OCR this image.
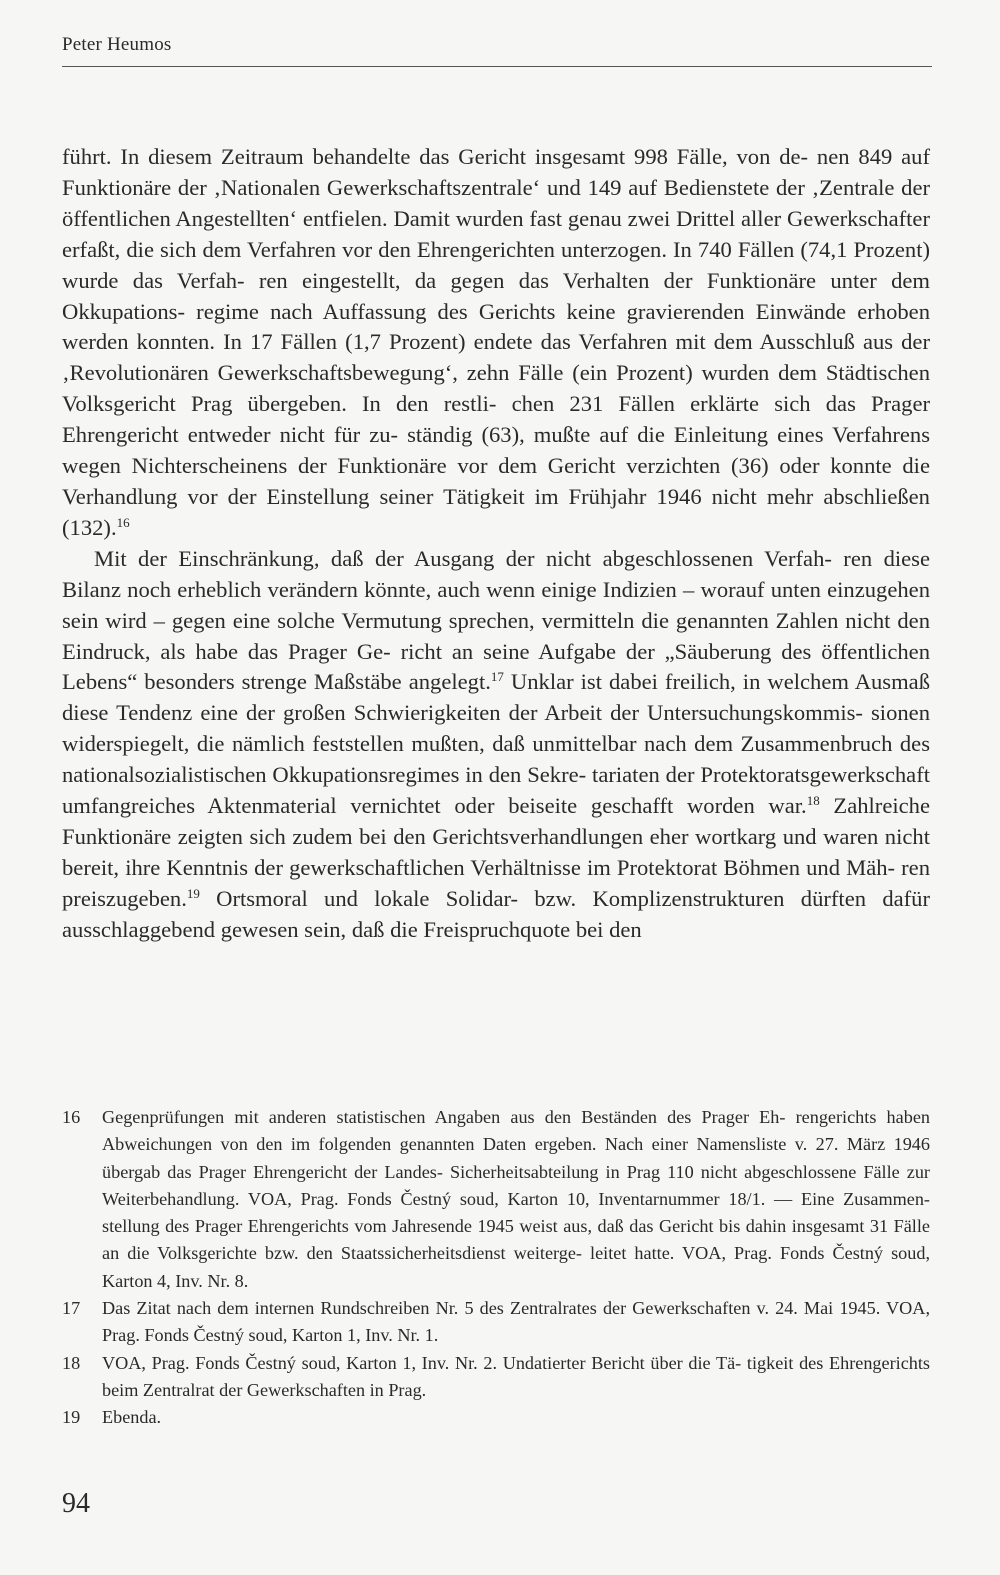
Peter Heumos

führt. In diesem Zeitraum behandelte das Gericht insgesamt 998 Fälle, von de- nen 849 auf Funktionäre der ‚Nationalen Gewerkschaftszentrale‘ und 149 auf Bedienstete der ‚Zentrale der öffentlichen Angestellten‘ entfielen. Damit wurden fast genau zwei Drittel aller Gewerkschafter erfaßt, die sich dem Verfahren vor den Ehrengerichten unterzogen. In 740 Fällen (74,1 Prozent) wurde das Verfah- ren eingestellt, da gegen das Verhalten der Funktionäre unter dem Okkupations- regime nach Auffassung des Gerichts keine gravierenden Einwände erhoben werden konnten. In 17 Fällen (1,7 Prozent) endete das Verfahren mit dem Ausschluß aus der ‚Revolutionären Gewerkschaftsbewegung‘, zehn Fälle (ein Prozent) wurden dem Städtischen Volksgericht Prag übergeben. In den restli- chen 231 Fällen erklärte sich das Prager Ehrengericht entweder nicht für zu- ständig (63), mußte auf die Einleitung eines Verfahrens wegen Nichterscheinens der Funktionäre vor dem Gericht verzichten (36) oder konnte die Verhandlung vor der Einstellung seiner Tätigkeit im Frühjahr 1946 nicht mehr abschließen (132).$^{16}$

Mit der Einschränkung, daß der Ausgang der nicht abgeschlossenen Verfah- ren diese Bilanz noch erheblich verändern könnte, auch wenn einige Indizien – worauf unten einzugehen sein wird – gegen eine solche Vermutung sprechen, vermitteln die genannten Zahlen nicht den Eindruck, als habe das Prager Ge- richt an seine Aufgabe der „Säuberung des öffentlichen Lebens“ besonders strenge Maßstäbe angelegt.$^{17}$ Unklar ist dabei freilich, in welchem Ausmaß diese Tendenz eine der großen Schwierigkeiten der Arbeit der Untersuchungskommis- sionen widerspiegelt, die nämlich feststellen mußten, daß unmittelbar nach dem Zusammenbruch des nationalsozialistischen Okkupationsregimes in den Sekre- tariaten der Protektoratsgewerkschaft umfangreiches Aktenmaterial vernichtet oder beiseite geschafft worden war.$^{18}$ Zahlreiche Funktionäre zeigten sich zudem bei den Gerichtsverhandlungen eher wortkarg und waren nicht bereit, ihre Kenntnis der gewerkschaftlichen Verhältnisse im Protektorat Böhmen und Mäh- ren preiszugeben.$^{19}$ Ortsmoral und lokale Solidar- bzw. Komplizenstrukturen dürften dafür ausschlaggebend gewesen sein, daß die Freispruchquote bei den

16	Gegenprüfungen mit anderen statistischen Angaben aus den Beständen des Prager Eh- rengerichts haben Abweichungen von den im folgenden genannten Daten ergeben. Nach einer Namensliste v. 27. März 1946 übergab das Prager Ehrengericht der Landes- Sicherheitsabteilung in Prag 110 nicht abgeschlossene Fälle zur Weiterbehandlung. VOA, Prag. Fonds Čestný soud, Karton 10, Inventarnummer 18/1. — Eine Zusammen- stellung des Prager Ehrengerichts vom Jahresende 1945 weist aus, daß das Gericht bis dahin insgesamt 31 Fälle an die Volksgerichte bzw. den Staatssicherheitsdienst weiterge- leitet hatte. VOA, Prag. Fonds Čestný soud, Karton 4, Inv. Nr. 8.
17	Das Zitat nach dem internen Rundschreiben Nr. 5 des Zentralrates der Gewerkschaften v. 24. Mai 1945. VOA, Prag. Fonds Čestný soud, Karton 1, Inv. Nr. 1.
18	VOA, Prag. Fonds Čestný soud, Karton 1, Inv. Nr. 2. Undatierter Bericht über die Tä- tigkeit des Ehrengerichts beim Zentralrat der Gewerkschaften in Prag.
19	Ebenda.
94
